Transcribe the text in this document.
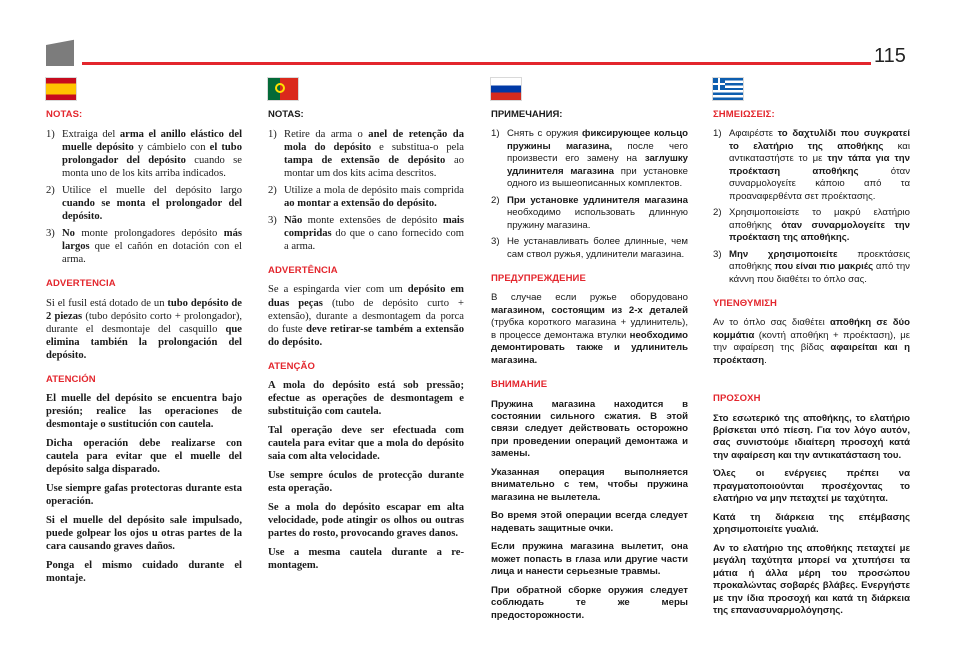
115
NOTAS:
1) Extraiga del arma el anillo elástico del muelle depósito y cámbielo con el tubo prolongador del depósito cuando se monta uno de los kits arriba indicados.
2) Utilice el muelle del depósito largo cuando se monta el prolongador del depósito.
3) No monte prolongadores depósito más largos que el cañón en dotación con el arma.
ADVERTENCIA

Si el fusil está dotado de un tubo depósito de 2 piezas (tubo depósito corto + prolongador), durante el desmontaje del casquillo que elimina también la prolongación del depósito.

ATENCIÓN

El muelle del depósito se encuentra bajo presión; realice las operaciones de desmontaje o sustitución con cautela.

Dicha operación debe realizarse con cautela para evitar que el muelle del depósito salga disparado.

Use siempre gafas protectoras durante esta operación.

Si el muelle del depósito sale impulsado, puede golpear los ojos u otras partes de la cara causando graves daños.

Ponga el mismo cuidado durante el montaje.

NOTAS:
1) Retire da arma o anel de retenção da mola do depósito e substitua-o pela tampa de extensão de depósito ao montar um dos kits acima descritos.
2) Utilize a mola de depósito mais comprida ao montar a extensão do depósito.
3) Não monte extensões de depósito mais compridas do que o cano fornecido com a arma.
ADVERTÊNCIA

Se a espingarda vier com um depósito em duas peças (tubo de depósito curto + extensão), durante a desmontagem da porca do fuste deve retirar-se também a extensão do depósito.

ATENÇÃO

A mola do depósito está sob pressão; efectue as operações de desmontagem e substituição com cautela.

Tal operação deve ser efectuada com cautela para evitar que a mola do depósito saia com alta velocidade.

Use sempre óculos de protecção durante esta operação.

Se a mola do depósito escapar em alta velocidade, pode atingir os olhos ou outras partes do rosto, provocando graves danos.

Use a mesma cautela durante a remontagem.

ПРИМЕЧАНИЯ:
1) Снять с оружия фиксирующее кольцо пружины магазина, после чего произвести его замену на заглушку удлинителя магазина при установке одного из вышеописанных комплектов.
2) При установке удлинителя магазина необходимо использовать длинную пружину магазина.
3) Не устанавливать более длинные, чем сам ствол ружья, удлинители магазина.
ПРЕДУПРЕЖДЕНИЕ

В случае если ружье оборудовано магазином, состоящим из 2-х деталей (трубка короткого магазина + удлинитель), в процессе демонтажа втулки необходимо демонтировать также и удлинитель магазина.

ВНИМАНИЕ

Пружина магазина находится в состоянии сильного сжатия. В этой связи следует действовать осторожно при проведении операций демонтажа и замены.

Указанная операция выполняется внимательно с тем, чтобы пружина магазина не вылетела.

Во время этой операции всегда следует надевать защитные очки.

Если пружина магазина вылетит, она может попасть в глаза или другие части лица и нанести серьезные травмы.

При обратной сборке оружия следует соблюдать те же меры предосторожности.

ΣΗΜΕΙΩΣΕΙΣ:
1) Αφαιρέστε το δαχτυλίδι που συγκρατεί το ελατήριο της αποθήκης και αντικαταστήστε το με την τάπα για την προέκταση αποθήκης όταν συναρμολογείτε κάποιο από τα προαναφερθέντα σετ προέκτασης.
2) Χρησιμοποιείστε το μακρύ ελατήριο αποθήκης όταν συναρμολογείτε την προέκταση της αποθήκης.
3) Μην χρησιμοποιείτε προεκτάσεις αποθήκης που είναι πιο μακριές από την κάννη που διαθέτει το όπλο σας.
ΥΠΕΝΘΥΜΙΣΗ

Αν το όπλο σας διαθέτει αποθήκη σε δύο κομμάτια (κοντή αποθήκη + προέκταση), με την αφαίρεση της βίδας αφαιρείται και η προέκταση.

ΠΡΟΣΟΧΗ

Στο εσωτερικό της αποθήκης, το ελατήριο βρίσκεται υπό πίεση. Για τον λόγο αυτόν, σας συνιστούμε ιδιαίτερη προσοχή κατά την αφαίρεση και την αντικατάσταση του.

Όλες οι ενέργειες πρέπει να πραγματοποιούνται προσέχοντας το ελατήριο να μην πεταχτεί με ταχύτητα.

Κατά τη διάρκεια της επέμβασης χρησιμοποιείτε γυαλιά.

Αν το ελατήριο της αποθήκης πεταχτεί με μεγάλη ταχύτητα μπορεί να χτυπήσει τα μάτια ή άλλα μέρη του προσώπου προκαλώντας σοβαρές βλάβες. Ενεργήστε με την ίδια προσοχή και κατά τη διάρκεια της επανασυναρμολόγησης.
